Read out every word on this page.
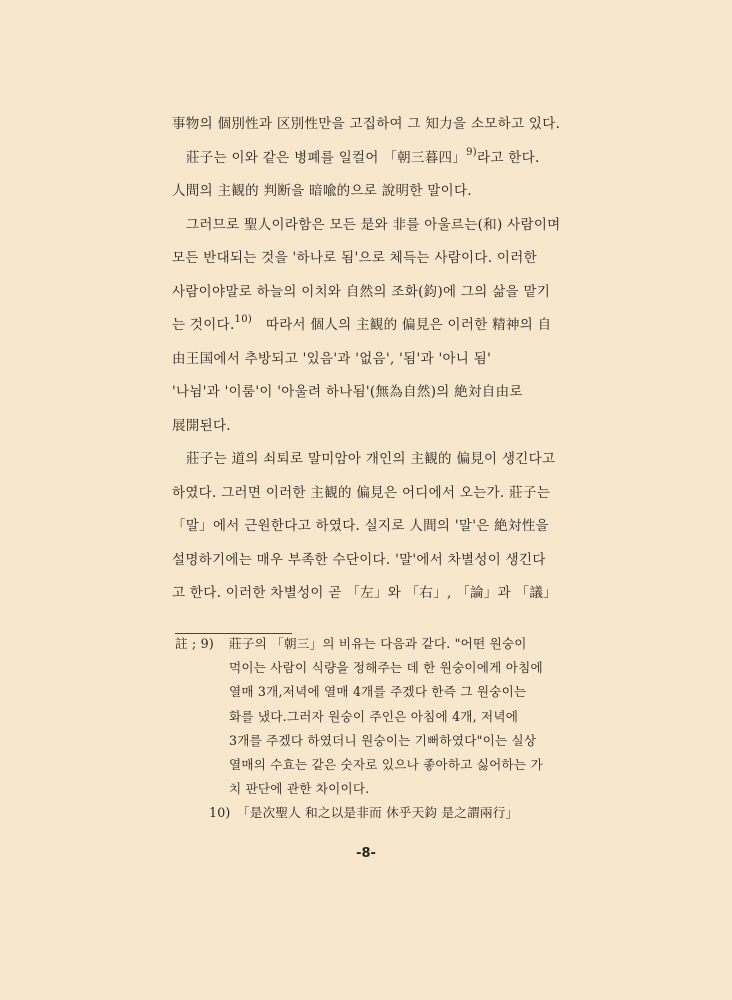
事物의 個別性과 区別性만을 고집하여 그 知力을 소모하고 있다.
莊子는 이와 같은 병폐를 일컬어 「朝三暮四」$^{9)}$라고 한다.
人間의 主観的 判断을 暗喩的으로 說明한 말이다.
그러므로 聖人이라함은 모든 是와 非를 아울르는(和) 사람이며
모든 반대되는 것을 '하나로 됨'으로 체득는 사람이다. 이러한
사람이야말로 하늘의 이치와 自然의 조화(鈞)에 그의 삶을 맡기
는 것이다.$^{10)}$ 따라서 個人의 主観的 偏見은 이러한 精神의 自
由王国에서 추방되고 '있음'과 '없음', '됨'과 '아니 됨'
'나뉨'과 '이룸'이 '아울려 하나됨'(無為自然)의 絶対自由로
展開된다.
莊子는 道의 쇠퇴로 말미암아 개인의 主観的 偏見이 생긴다고
하였다. 그러면 이러한 主観的 偏見은 어디에서 오는가. 莊子는
「말」에서 근원한다고 하였다. 실지로 人間의 '말'은 絶対性을
설명하기에는 매우 부족한 수단이다. '말'에서 차별성이 생긴다
고 한다. 이러한 차별성이 곧 「左」와 「右」, 「論」과 「議」
註 ; 9) 莊子의 「朝三」의 비유는 다음과 같다. "어떤 원숭이
먹이는 사람이 식량을 정해주는 데 한 원숭이에게 아침에
열매 3개,저녁에 열매 4개를 주겠다 한즉 그 원숭이는
화를 냈다.그러자 원숭이 주인은 아침에 4개, 저녁에
3개를 주겠다 하였더니 원숭이는 기뻐하였다"이는 실상
열매의 수효는 같은 숫자로 있으나 좋아하고 싫어하는 가
치 판단에 관한 차이이다.
10) 「是次聖人 和之以是非而 休乎天鈞 是之謂兩行」
-8-
